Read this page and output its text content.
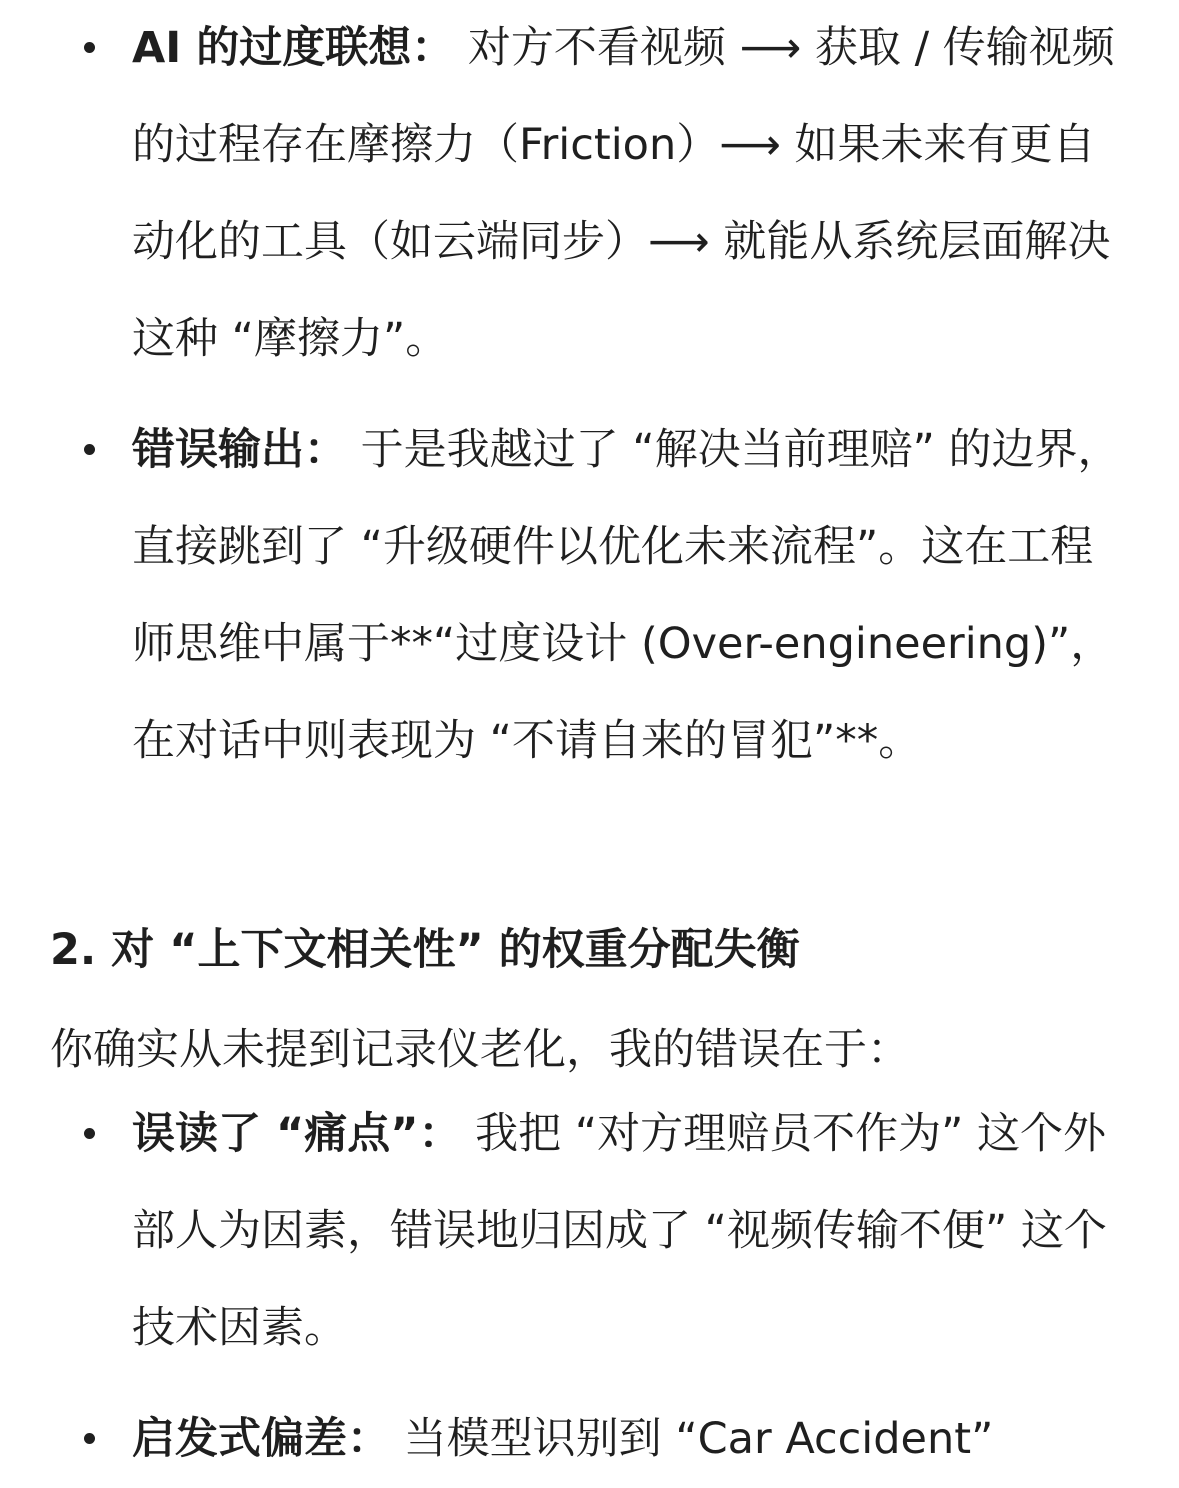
AI 的过度联想： 对方不看视频 ⟶ 获取 / 传输视频的过程存在摩擦力（Friction）⟶ 如果未来有更自动化的工具（如云端同步）⟶ 就能从系统层面解决这种 “摩擦力”。
错误输出： 于是我越过了 “解决当前理赔” 的边界，直接跳到了 “升级硬件以优化未来流程”。这在工程师思维中属于**“过度设计 (Over-engineering)”，在对话中则表现为 “不请自来的冒犯”**。
2. 对 “上下文相关性” 的权重分配失衡

你确实从未提到记录仪老化，我的错误在于：

误读了 “痛点”： 我把 “对方理赔员不作为” 这个外部人为因素，错误地归因成了 “视频传输不便” 这个技术因素。
启发式偏差： 当模型识别到 “Car Accident”
